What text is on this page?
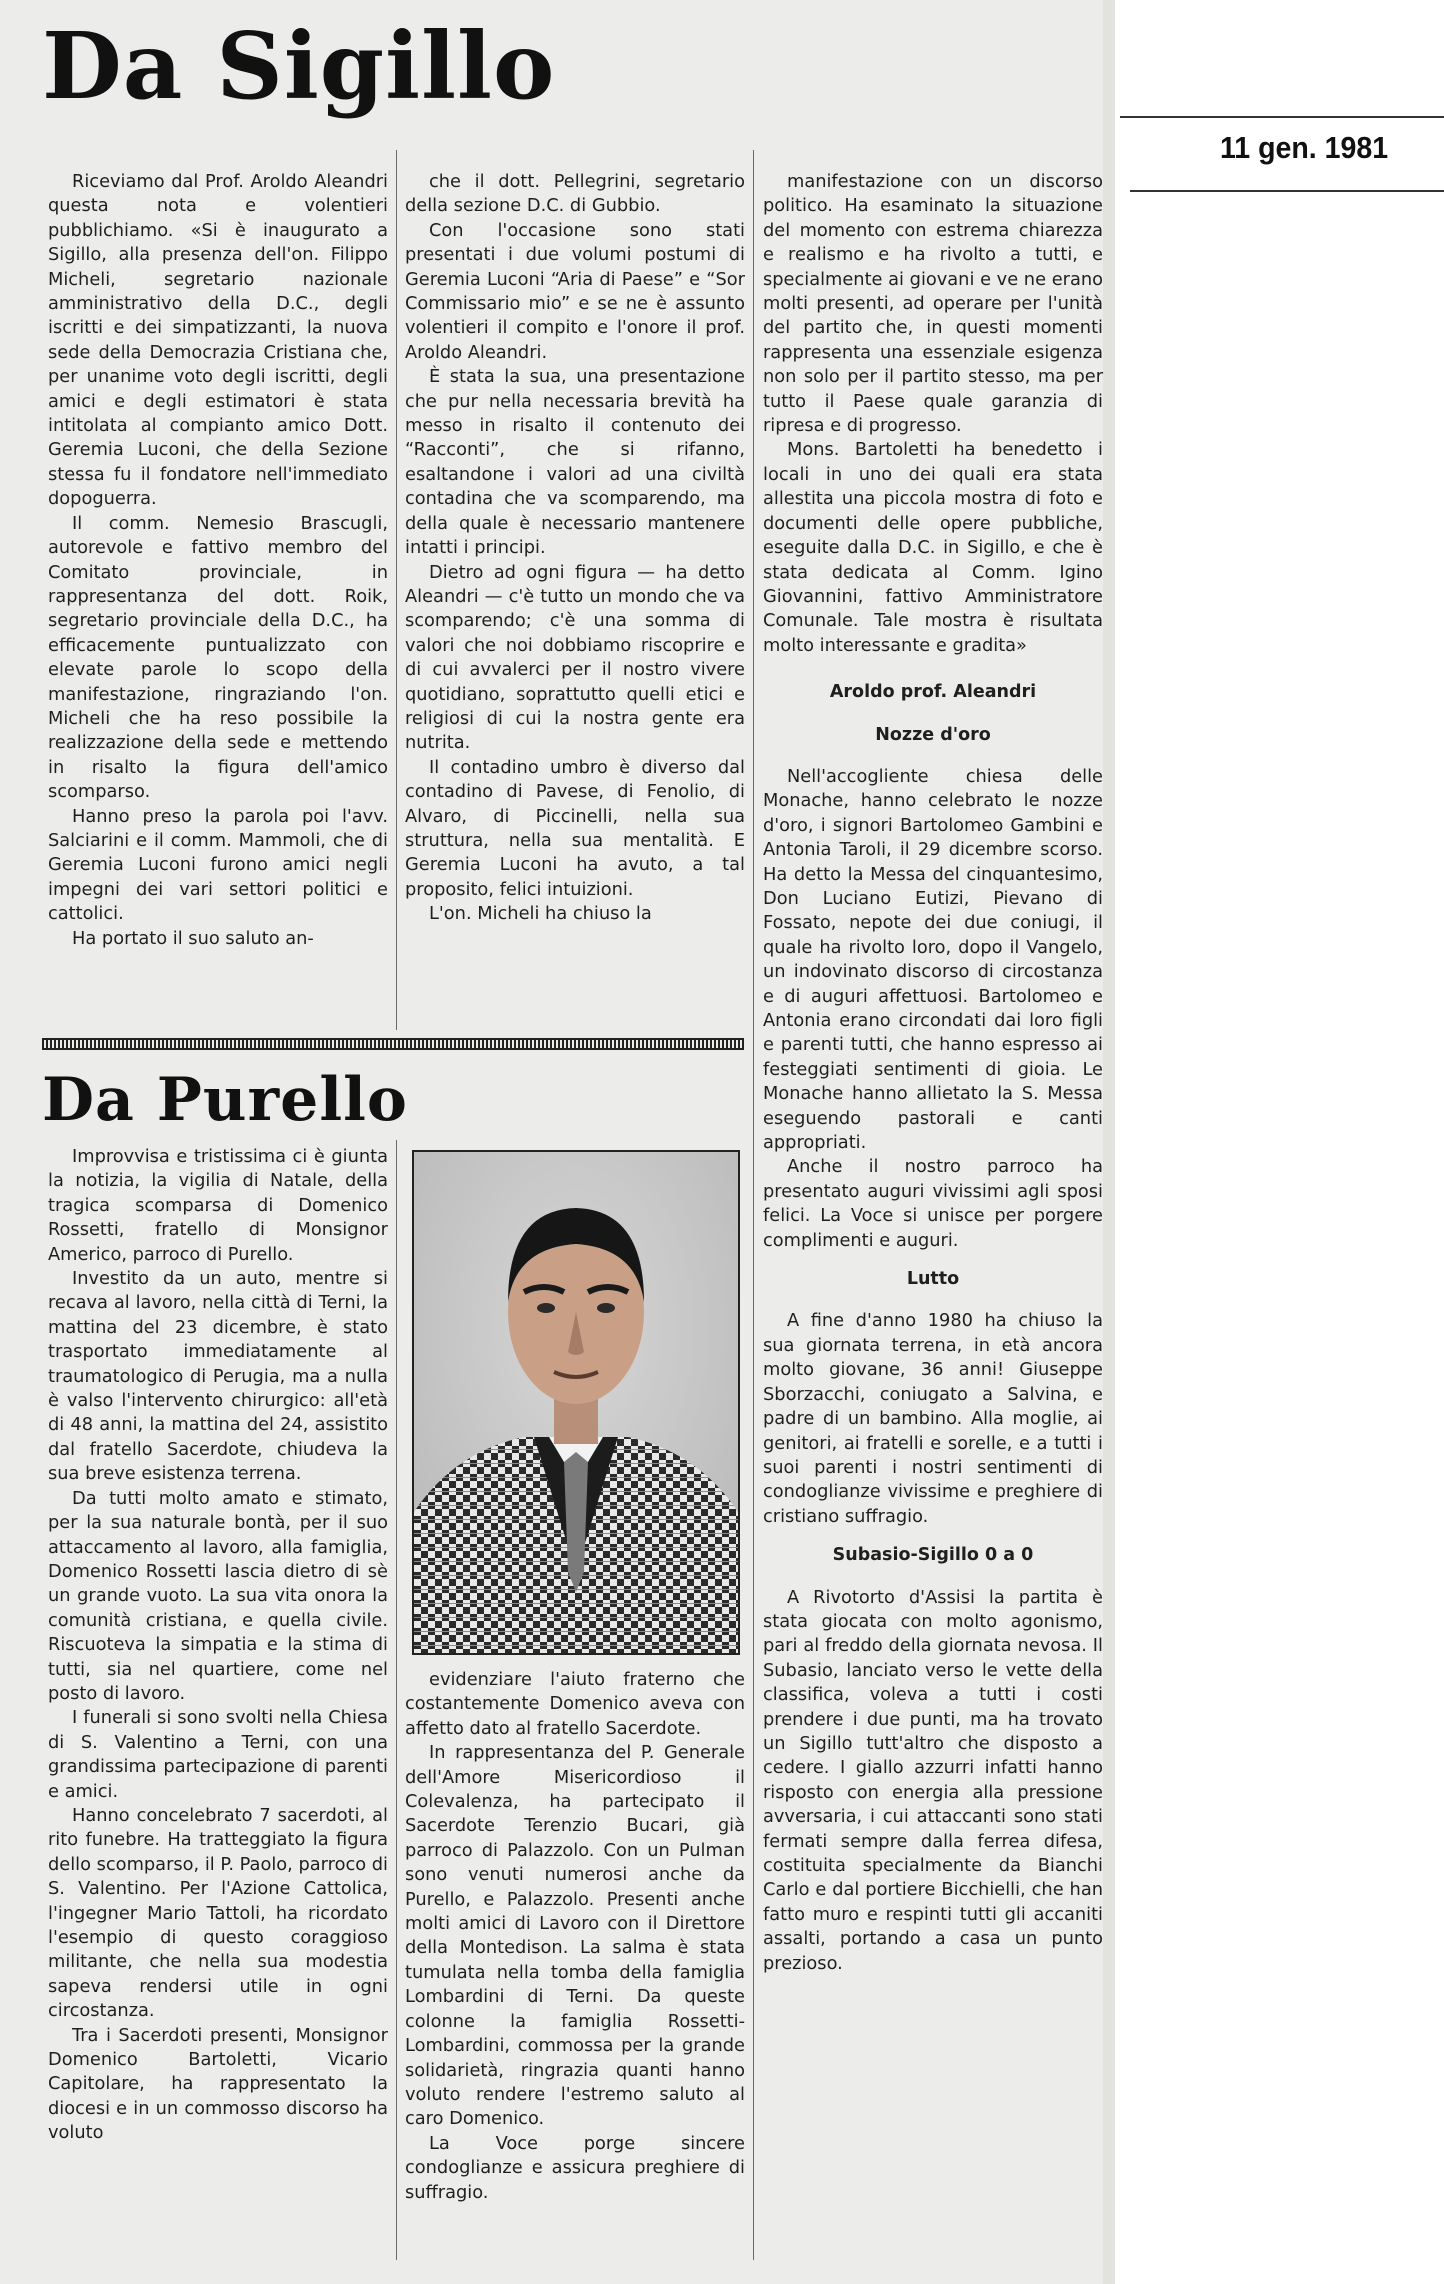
Da Sigillo

Riceviamo dal Prof. Aroldo Aleandri questa nota e volentieri pubblichiamo. «Si è inaugurato a Sigillo, alla presenza dell'on. Filippo Micheli, segretario nazionale amministrativo della D.C., degli iscritti e dei simpatizzanti, la nuova sede della Democrazia Cristiana che, per unanime voto degli iscritti, degli amici e degli estimatori è stata intitolata al compianto amico Dott. Geremia Luconi, che della Sezione stessa fu il fondatore nell'immediato dopoguerra.

Il comm. Nemesio Brascugli, autorevole e fattivo membro del Comitato provinciale, in rappresentanza del dott. Roik, segretario provinciale della D.C., ha efficacemente puntualizzato con elevate parole lo scopo della manifestazione, ringraziando l'on. Micheli che ha reso possibile la realizzazione della sede e mettendo in risalto la figura dell'amico scomparso.

Hanno preso la parola poi l'avv. Salciarini e il comm. Mammoli, che di Geremia Luconi furono amici negli impegni dei vari settori politici e cattolici.

Ha portato il suo saluto an-

che il dott. Pellegrini, segretario della sezione D.C. di Gubbio.

Con l'occasione sono stati presentati i due volumi postumi di Geremia Luconi “Aria di Paese” e “Sor Commissario mio” e se ne è assunto volentieri il compito e l'onore il prof. Aroldo Aleandri.

È stata la sua, una presentazione che pur nella necessaria brevità ha messo in risalto il contenuto dei “Racconti”, che si rifanno, esaltandone i valori ad una civiltà contadina che va scomparendo, ma della quale è necessario mantenere intatti i principi.

Dietro ad ogni figura — ha detto Aleandri — c'è tutto un mondo che va scomparendo; c'è una somma di valori che noi dobbiamo riscoprire e di cui avvalerci per il nostro vivere quotidiano, soprattutto quelli etici e religiosi di cui la nostra gente era nutrita.

Il contadino umbro è diverso dal contadino di Pavese, di Fenolio, di Alvaro, di Piccinelli, nella sua struttura, nella sua mentalità. E Geremia Luconi ha avuto, a tal proposito, felici intuizioni.

L'on. Micheli ha chiuso la

manifestazione con un discorso politico. Ha esaminato la situazione del momento con estrema chiarezza e realismo e ha rivolto a tutti, e specialmente ai giovani e ve ne erano molti presenti, ad operare per l'unità del partito che, in questi momenti rappresenta una essenziale esigenza non solo per il partito stesso, ma per tutto il Paese quale garanzia di ripresa e di progresso.

Mons. Bartoletti ha benedetto i locali in uno dei quali era stata allestita una piccola mostra di foto e documenti delle opere pubbliche, eseguite dalla D.C. in Sigillo, e che è stata dedicata al Comm. Igino Giovannini, fattivo Amministratore Comunale. Tale mostra è risultata molto interessante e gradita»

Aroldo prof. Aleandri

Nozze d'oro

Nell'accogliente chiesa delle Monache, hanno celebrato le nozze d'oro, i signori Bartolomeo Gambini e Antonia Taroli, il 29 dicembre scorso. Ha detto la Messa del cinquantesimo, Don Luciano Eutizi, Pievano di Fossato, nepote dei due coniugi, il quale ha rivolto loro, dopo il Vangelo, un indovinato discorso di circostanza e di auguri affettuosi. Bartolomeo e Antonia erano circondati dai loro figli e parenti tutti, che hanno espresso ai festeggiati sentimenti di gioia. Le Monache hanno allietato la S. Messa eseguendo pastorali e canti appropriati.

Anche il nostro parroco ha presentato auguri vivissimi agli sposi felici. La Voce si unisce per porgere complimenti e auguri.

Lutto

A fine d'anno 1980 ha chiuso la sua giornata terrena, in età ancora molto giovane, 36 anni! Giuseppe Sborzacchi, coniugato a Salvina, e padre di un bambino. Alla moglie, ai genitori, ai fratelli e sorelle, e a tutti i suoi parenti i nostri sentimenti di condoglianze vivissime e preghiere di cristiano suffragio.

Subasio-Sigillo 0 a 0

A Rivotorto d'Assisi la partita è stata giocata con molto agonismo, pari al freddo della giornata nevosa. Il Subasio, lanciato verso le vette della classifica, voleva a tutti i costi prendere i due punti, ma ha trovato un Sigillo tutt'altro che disposto a cedere. I giallo azzurri infatti hanno risposto con energia alla pressione avversaria, i cui attaccanti sono stati fermati sempre dalla ferrea difesa, costituita specialmente da Bianchi Carlo e dal portiere Bicchielli, che han fatto muro e respinti tutti gli accaniti assalti, portando a casa un punto prezioso.

Da Purello

Improvvisa e tristissima ci è giunta la notizia, la vigilia di Natale, della tragica scomparsa di Domenico Rossetti, fratello di Monsignor Americo, parroco di Purello.

Investito da un auto, mentre si recava al lavoro, nella città di Terni, la mattina del 23 dicembre, è stato trasportato immediatamente al traumatologico di Perugia, ma a nulla è valso l'intervento chirurgico: all'età di 48 anni, la mattina del 24, assistito dal fratello Sacerdote, chiudeva la sua breve esistenza terrena.

Da tutti molto amato e stimato, per la sua naturale bontà, per il suo attaccamento al lavoro, alla famiglia, Domenico Rossetti lascia dietro di sè un grande vuoto. La sua vita onora la comunità cristiana, e quella civile. Riscuoteva la simpatia e la stima di tutti, sia nel quartiere, come nel posto di lavoro.

I funerali si sono svolti nella Chiesa di S. Valentino a Terni, con una grandissima partecipazione di parenti e amici.

Hanno concelebrato 7 sacerdoti, al rito funebre. Ha tratteggiato la figura dello scomparso, il P. Paolo, parroco di S. Valentino. Per l'Azione Cattolica, l'ingegner Mario Tattoli, ha ricordato l'esempio di questo coraggioso militante, che nella sua modestia sapeva rendersi utile in ogni circostanza.

Tra i Sacerdoti presenti, Monsignor Domenico Bartoletti, Vicario Capitolare, ha rappresentato la diocesi e in un commosso discorso ha voluto

evidenziare l'aiuto fraterno che costantemente Domenico aveva con affetto dato al fratello Sacerdote.

In rappresentanza del P. Generale dell'Amore Misericordioso il Colevalenza, ha partecipato il Sacerdote Terenzio Bucari, già parroco di Palazzolo. Con un Pulman sono venuti numerosi anche da Purello, e Palazzolo. Presenti anche molti amici di Lavoro con il Direttore della Montedison. La salma è stata tumulata nella tomba della famiglia Lombardini di Terni. Da queste colonne la famiglia Rossetti-Lombardini, commossa per la grande solidarietà, ringrazia quanti hanno voluto rendere l'estremo saluto al caro Domenico.

La Voce porge sincere condoglianze e assicura preghiere di suffragio.

11 gen. 1981
